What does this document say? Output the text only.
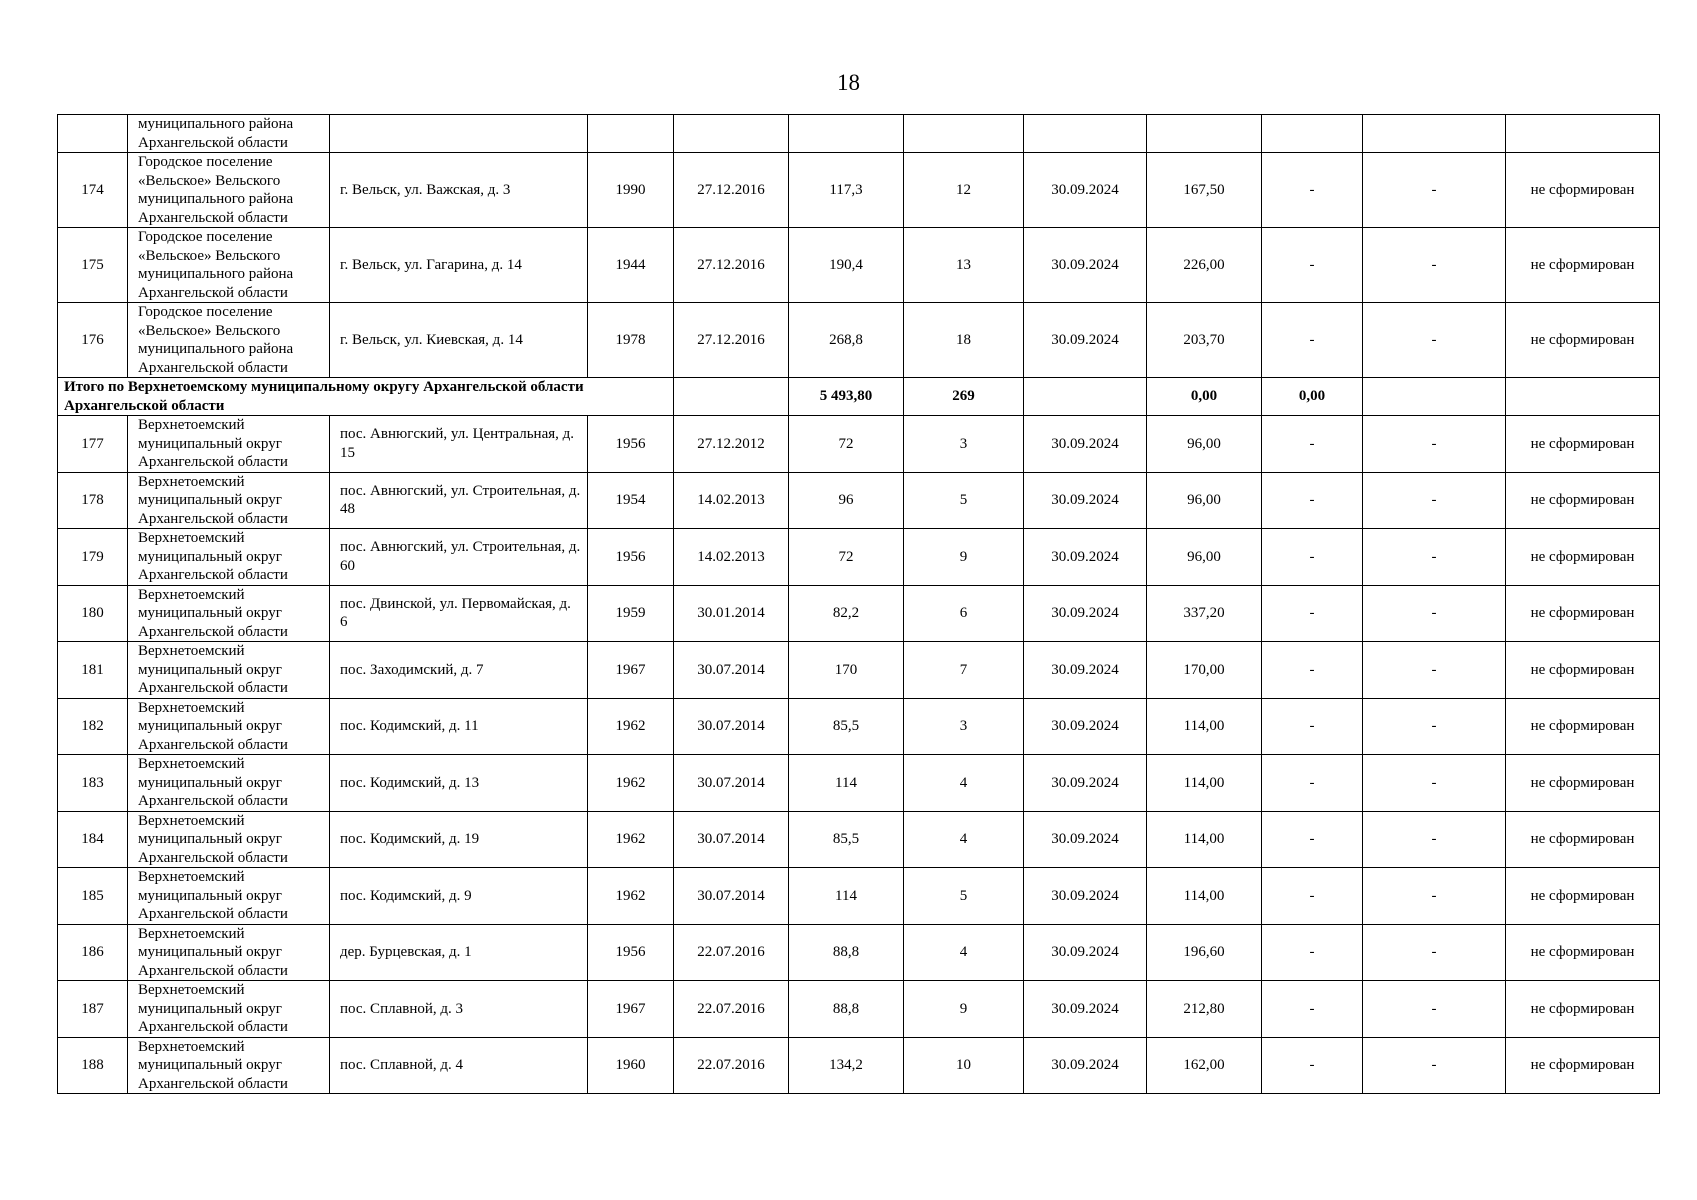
18
	муниципального района Архангельской области										
174	Городское поселение «Вельское» Вельского муниципального района Архангельской области	г. Вельск, ул. Важская, д. 3	1990	27.12.2016	117,3	12	30.09.2024	167,50	-	-	не сформирован
175	Городское поселение «Вельское» Вельского муниципального района Архангельской области	г. Вельск, ул. Гагарина, д. 14	1944	27.12.2016	190,4	13	30.09.2024	226,00	-	-	не сформирован
176	Городское поселение «Вельское» Вельского муниципального района Архангельской области	г. Вельск, ул. Киевская, д. 14	1978	27.12.2016	268,8	18	30.09.2024	203,70	-	-	не сформирован
Итого по Верхнетоемскому муниципальному округу Архангельской области Архангельской области					5 493,80	269		0,00	0,00		
177	Верхнетоемский муниципальный округ Архангельской области	пос. Авнюгский, ул. Центральная, д. 15	1956	27.12.2012	72	3	30.09.2024	96,00	-	-	не сформирован
178	Верхнетоемский муниципальный округ Архангельской области	пос. Авнюгский, ул. Строительная, д. 48	1954	14.02.2013	96	5	30.09.2024	96,00	-	-	не сформирован
179	Верхнетоемский муниципальный округ Архангельской области	пос. Авнюгский, ул. Строительная, д. 60	1956	14.02.2013	72	9	30.09.2024	96,00	-	-	не сформирован
180	Верхнетоемский муниципальный округ Архангельской области	пос. Двинской, ул. Первомайская, д. 6	1959	30.01.2014	82,2	6	30.09.2024	337,20	-	-	не сформирован
181	Верхнетоемский муниципальный округ Архангельской области	пос. Заходимский, д. 7	1967	30.07.2014	170	7	30.09.2024	170,00	-	-	не сформирован
182	Верхнетоемский муниципальный округ Архангельской области	пос. Кодимский, д. 11	1962	30.07.2014	85,5	3	30.09.2024	114,00	-	-	не сформирован
183	Верхнетоемский муниципальный округ Архангельской области	пос. Кодимский, д. 13	1962	30.07.2014	114	4	30.09.2024	114,00	-	-	не сформирован
184	Верхнетоемский муниципальный округ Архангельской области	пос. Кодимский, д. 19	1962	30.07.2014	85,5	4	30.09.2024	114,00	-	-	не сформирован
185	Верхнетоемский муниципальный округ Архангельской области	пос. Кодимский, д. 9	1962	30.07.2014	114	5	30.09.2024	114,00	-	-	не сформирован
186	Верхнетоемский муниципальный округ Архангельской области	дер. Бурцевская, д. 1	1956	22.07.2016	88,8	4	30.09.2024	196,60	-	-	не сформирован
187	Верхнетоемский муниципальный округ Архангельской области	пос. Сплавной, д. 3	1967	22.07.2016	88,8	9	30.09.2024	212,80	-	-	не сформирован
188	Верхнетоемский муниципальный округ Архангельской области	пос. Сплавной, д. 4	1960	22.07.2016	134,2	10	30.09.2024	162,00	-	-	не сформирован
